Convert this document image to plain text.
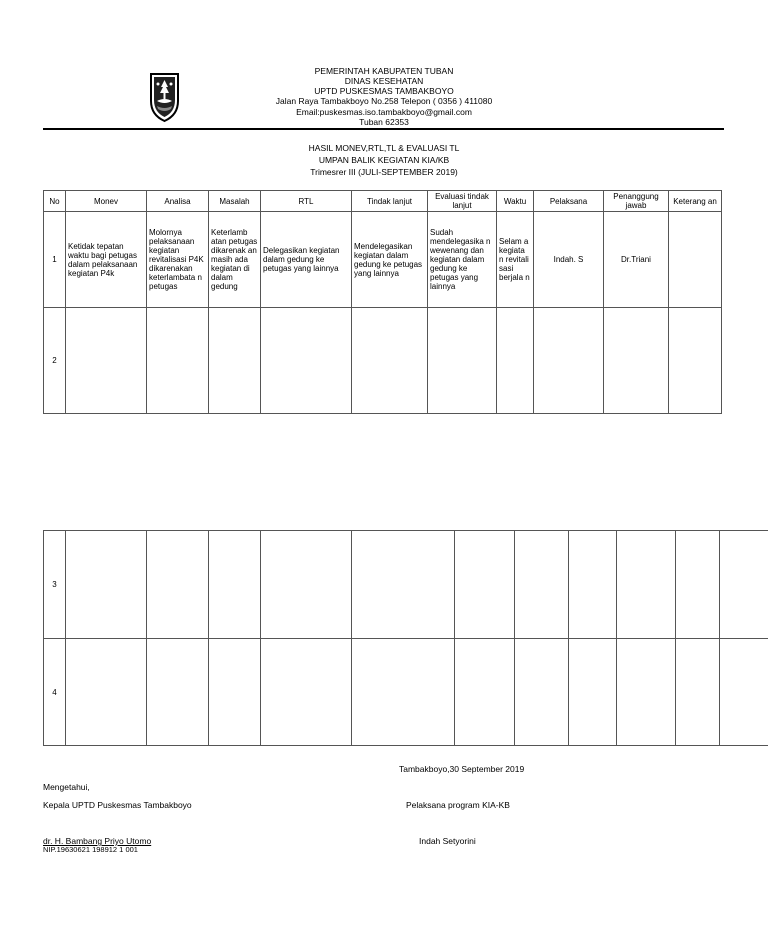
PEMERINTAH KABUPATEN TUBAN
DINAS KESEHATAN
UPTD PUSKESMAS TAMBAKBOYO
Jalan Raya Tambakboyo No.258 Telepon ( 0356 ) 411080
Email:puskesmas.iso.tambakboyo@gmail.com
Tuban 62353
HASIL MONEV,RTL,TL & EVALUASI TL
UMPAN BALIK KEGIATAN KIA/KB
Trimesrer III (JULI-SEPTEMBER 2019)
No	Monev	Analisa	Masalah	RTL	Tindak lanjut	Evaluasi tindak lanjut	Waktu	Pelaksana	Penanggung jawab	Keterang an
1	Ketidak tepatan waktu bagi petugas dalam pelaksanaan kegiatan P4k	Molornya pelaksanaan kegiatan revitalisasi P4K dikarenakan keterlambata n petugas	Keterlamb atan petugas dikarenak an masih ada kegiatan di dalam gedung	Delegasikan kegiatan dalam gedung ke petugas yang lainnya	Mendelegasikan kegiatan dalam gedung ke petugas yang lainnya	Sudah mendelegasika n wewenang dan kegiatan dalam gedung ke petugas yang lainnya	Selam a kegiata n revitali sasi berjala n	Indah. S	Dr.Triani	
2										
3											
4											
Tambakboyo,30 September 2019
Mengetahui,
Kepala UPTD Puskesmas Tambakboyo	Pelaksana program KIA-KB
dr. H. Bambang Priyo Utomo
NIP.19630621 198912 1 001
Indah Setyorini
